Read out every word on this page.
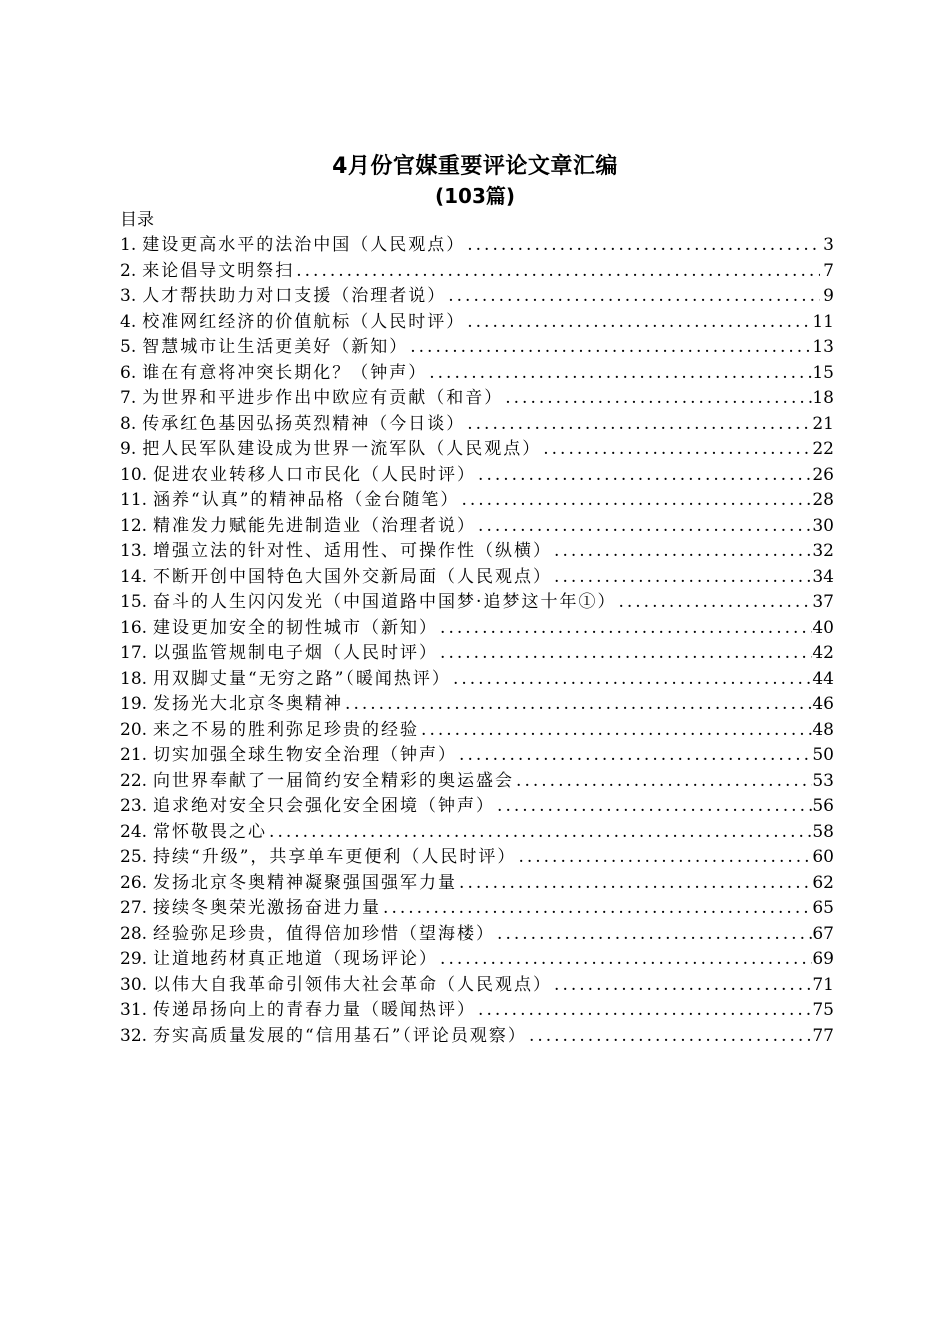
4月份官媒重要评论文章汇编
(103篇)
目录
1. 建设更高水平的法治中国（人民观点） .....	3
2. 来论倡导文明祭扫 .....	7
3. 人才帮扶助力对口支援（治理者说） .....	9
4. 校准网红经济的价值航标（人民时评） .....	11
5. 智慧城市让生活更美好（新知） .....	13
6. 谁在有意将冲突长期化？（钟声） .....	15
7. 为世界和平进步作出中欧应有贡献（和音） .....	18
8. 传承红色基因弘扬英烈精神（今日谈） .....	21
9. 把人民军队建设成为世界一流军队（人民观点） .....	22
10. 促进农业转移人口市民化（人民时评） .....	26
11. 涵养“认真”的精神品格（金台随笔） .....	28
12. 精准发力赋能先进制造业（治理者说） .....	30
13. 增强立法的针对性、适用性、可操作性（纵横） .....	32
14. 不断开创中国特色大国外交新局面（人民观点） .....	34
15. 奋斗的人生闪闪发光（中国道路中国梦·追梦这十年①） .....	37
16. 建设更加安全的韧性城市（新知） .....	40
17. 以强监管规制电子烟（人民时评） .....	42
18. 用双脚丈量“无穷之路”（暖闻热评） .....	44
19. 发扬光大北京冬奥精神 .....	46
20. 来之不易的胜利弥足珍贵的经验 .....	48
21. 切实加强全球生物安全治理（钟声） .....	50
22. 向世界奉献了一届简约安全精彩的奥运盛会 .....	53
23. 追求绝对安全只会强化安全困境（钟声） .....	56
24. 常怀敬畏之心 .....	58
25. 持续“升级”，共享单车更便利（人民时评） .....	60
26. 发扬北京冬奥精神凝聚强国强军力量 .....	62
27. 接续冬奥荣光激扬奋进力量 .....	65
28. 经验弥足珍贵，值得倍加珍惜（望海楼） .....	67
29. 让道地药材真正地道（现场评论） .....	69
30. 以伟大自我革命引领伟大社会革命（人民观点） .....	71
31. 传递昂扬向上的青春力量（暖闻热评） .....	75
32. 夯实高质量发展的“信用基石”（评论员观察） .....	77
